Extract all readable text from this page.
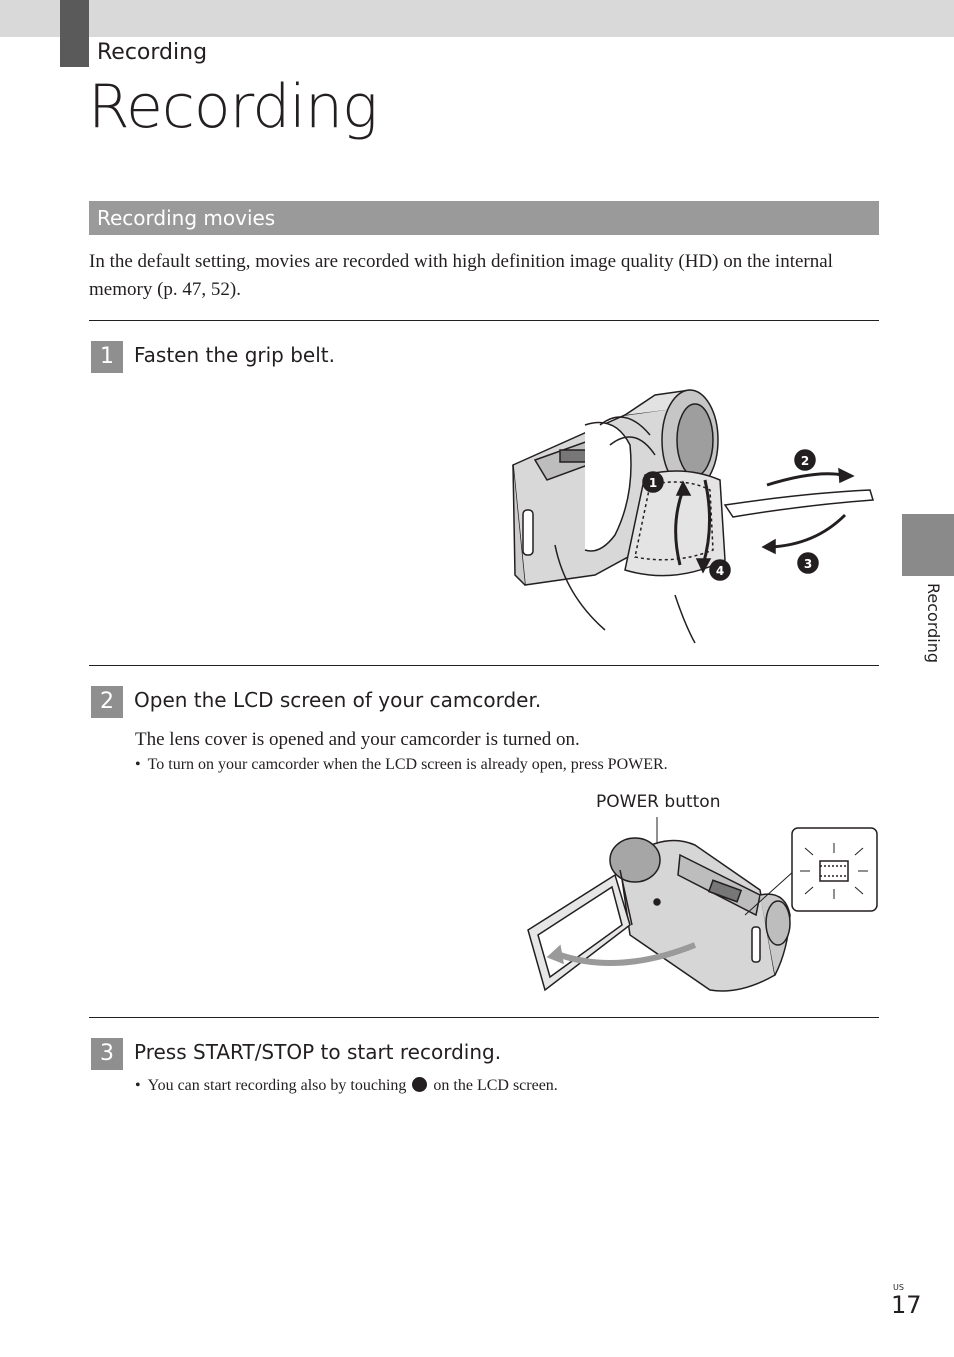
Recording
Recording
Recording movies
In the default setting, movies are recorded with high definition image quality (HD) on the internal memory (p. 47, 52).
1	Fasten the grip belt.
1
2
3
4
2	Open the LCD screen of your camcorder.
The lens cover is opened and your camcorder is turned on.
• To turn on your camcorder when the LCD screen is already open, press POWER.
POWER button
3	Press START/STOP to start recording.
• You can start recording also by touching on the LCD screen.
Recording
US
17
